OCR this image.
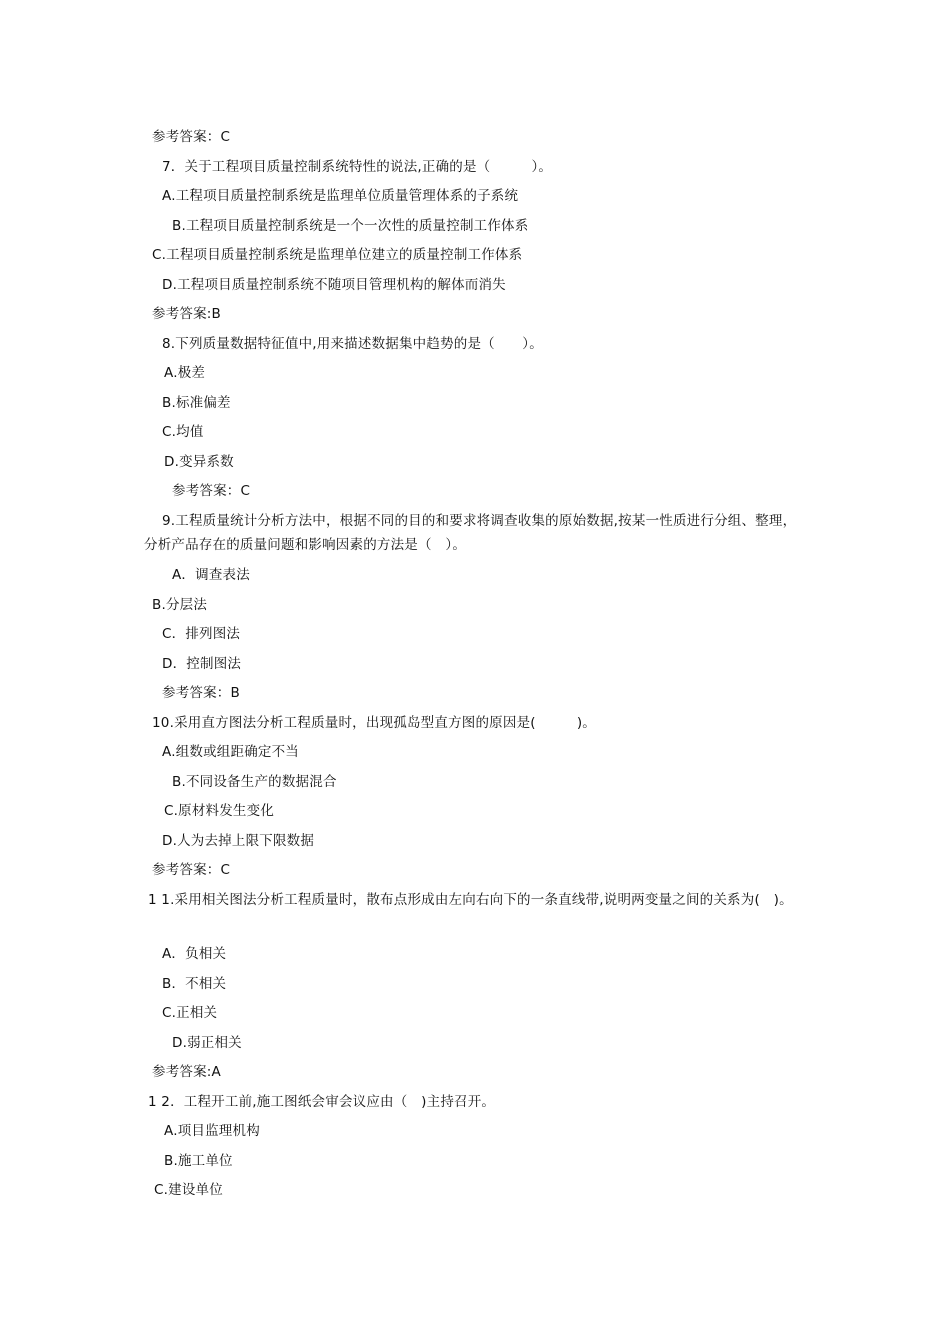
参考答案：C
7．关于工程项目质量控制系统特性的说法,正确的是（　　　）。
A.工程项目质量控制系统是监理单位质量管理体系的子系统
B.工程项目质量控制系统是一个一次性的质量控制工作体系
C.工程项目质量控制系统是监理单位建立的质量控制工作体系
D.工程项目质量控制系统不随项目管理机构的解体而消失
参考答案:B
8.下列质量数据特征值中,用来描述数据集中趋势的是（　　）。
A.极差
B.标准偏差
C.均值
D.变异系数
参考答案：C
9.工程质量统计分析方法中，根据不同的目的和要求将调查收集的原始数据,按某一性质进行分组、整理，分析产品存在的质量问题和影响因素的方法是（　）。
A．调查表法
B.分层法
C．排列图法
D．控制图法
参考答案：B
10.采用直方图法分析工程质量时，出现孤岛型直方图的原因是(　　　)。
A.组数或组距确定不当
B.不同设备生产的数据混合
C.原材料发生变化
D.人为去掉上限下限数据
参考答案：C
1 1.采用相关图法分析工程质量时，散布点形成由左向右向下的一条直线带,说明两变量之间的关系为(　)。
A．负相关
B．不相关
C.正相关
D.弱正相关
参考答案:A
1 2．工程开工前,施工图纸会审会议应由（　)主持召开。
A.项目监理机构
B.施工单位
C.建设单位
